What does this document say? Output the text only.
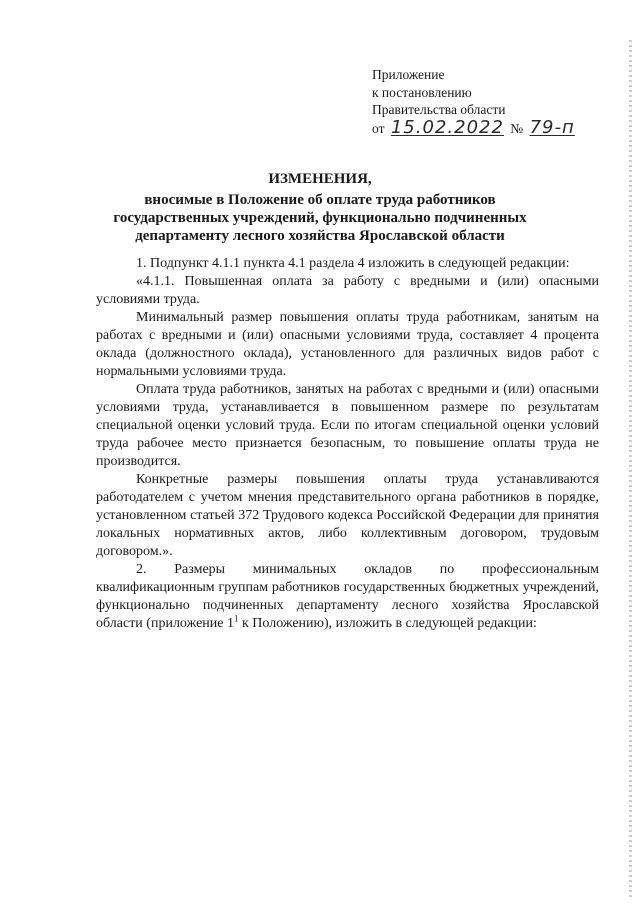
Приложение
к постановлению
Правительства области
от 15.02.2022 № 79-п
ИЗМЕНЕНИЯ,
вносимые в Положение об оплате труда работников государственных учреждений, функционально подчиненных департаменту лесного хозяйства Ярославской области

1. Подпункт 4.1.1 пункта 4.1 раздела 4 изложить в следующей редакции:

«4.1.1. Повышенная оплата за работу с вредными и (или) опасными условиями труда.

Минимальный размер повышения оплаты труда работникам, занятым на работах с вредными и (или) опасными условиями труда, составляет 4 процента оклада (должностного оклада), установленного для различных видов работ с нормальными условиями труда.

Оплата труда работников, занятых на работах с вредными и (или) опасными условиями труда, устанавливается в повышенном размере по результатам специальной оценки условий труда. Если по итогам специальной оценки условий труда рабочее место признается безопасным, то повышение оплаты труда не производится.

Конкретные размеры повышения оплаты труда устанавливаются работодателем с учетом мнения представительного органа работников в порядке, установленном статьей 372 Трудового кодекса Российской Федерации для принятия локальных нормативных актов, либо коллективным договором, трудовым договором.».

2. Размеры минимальных окладов по профессиональным квалификационным группам работников государственных бюджетных учреждений, функционально подчиненных департаменту лесного хозяйства Ярославской области (приложение $1^1$ к Положению), изложить в следующей редакции:
